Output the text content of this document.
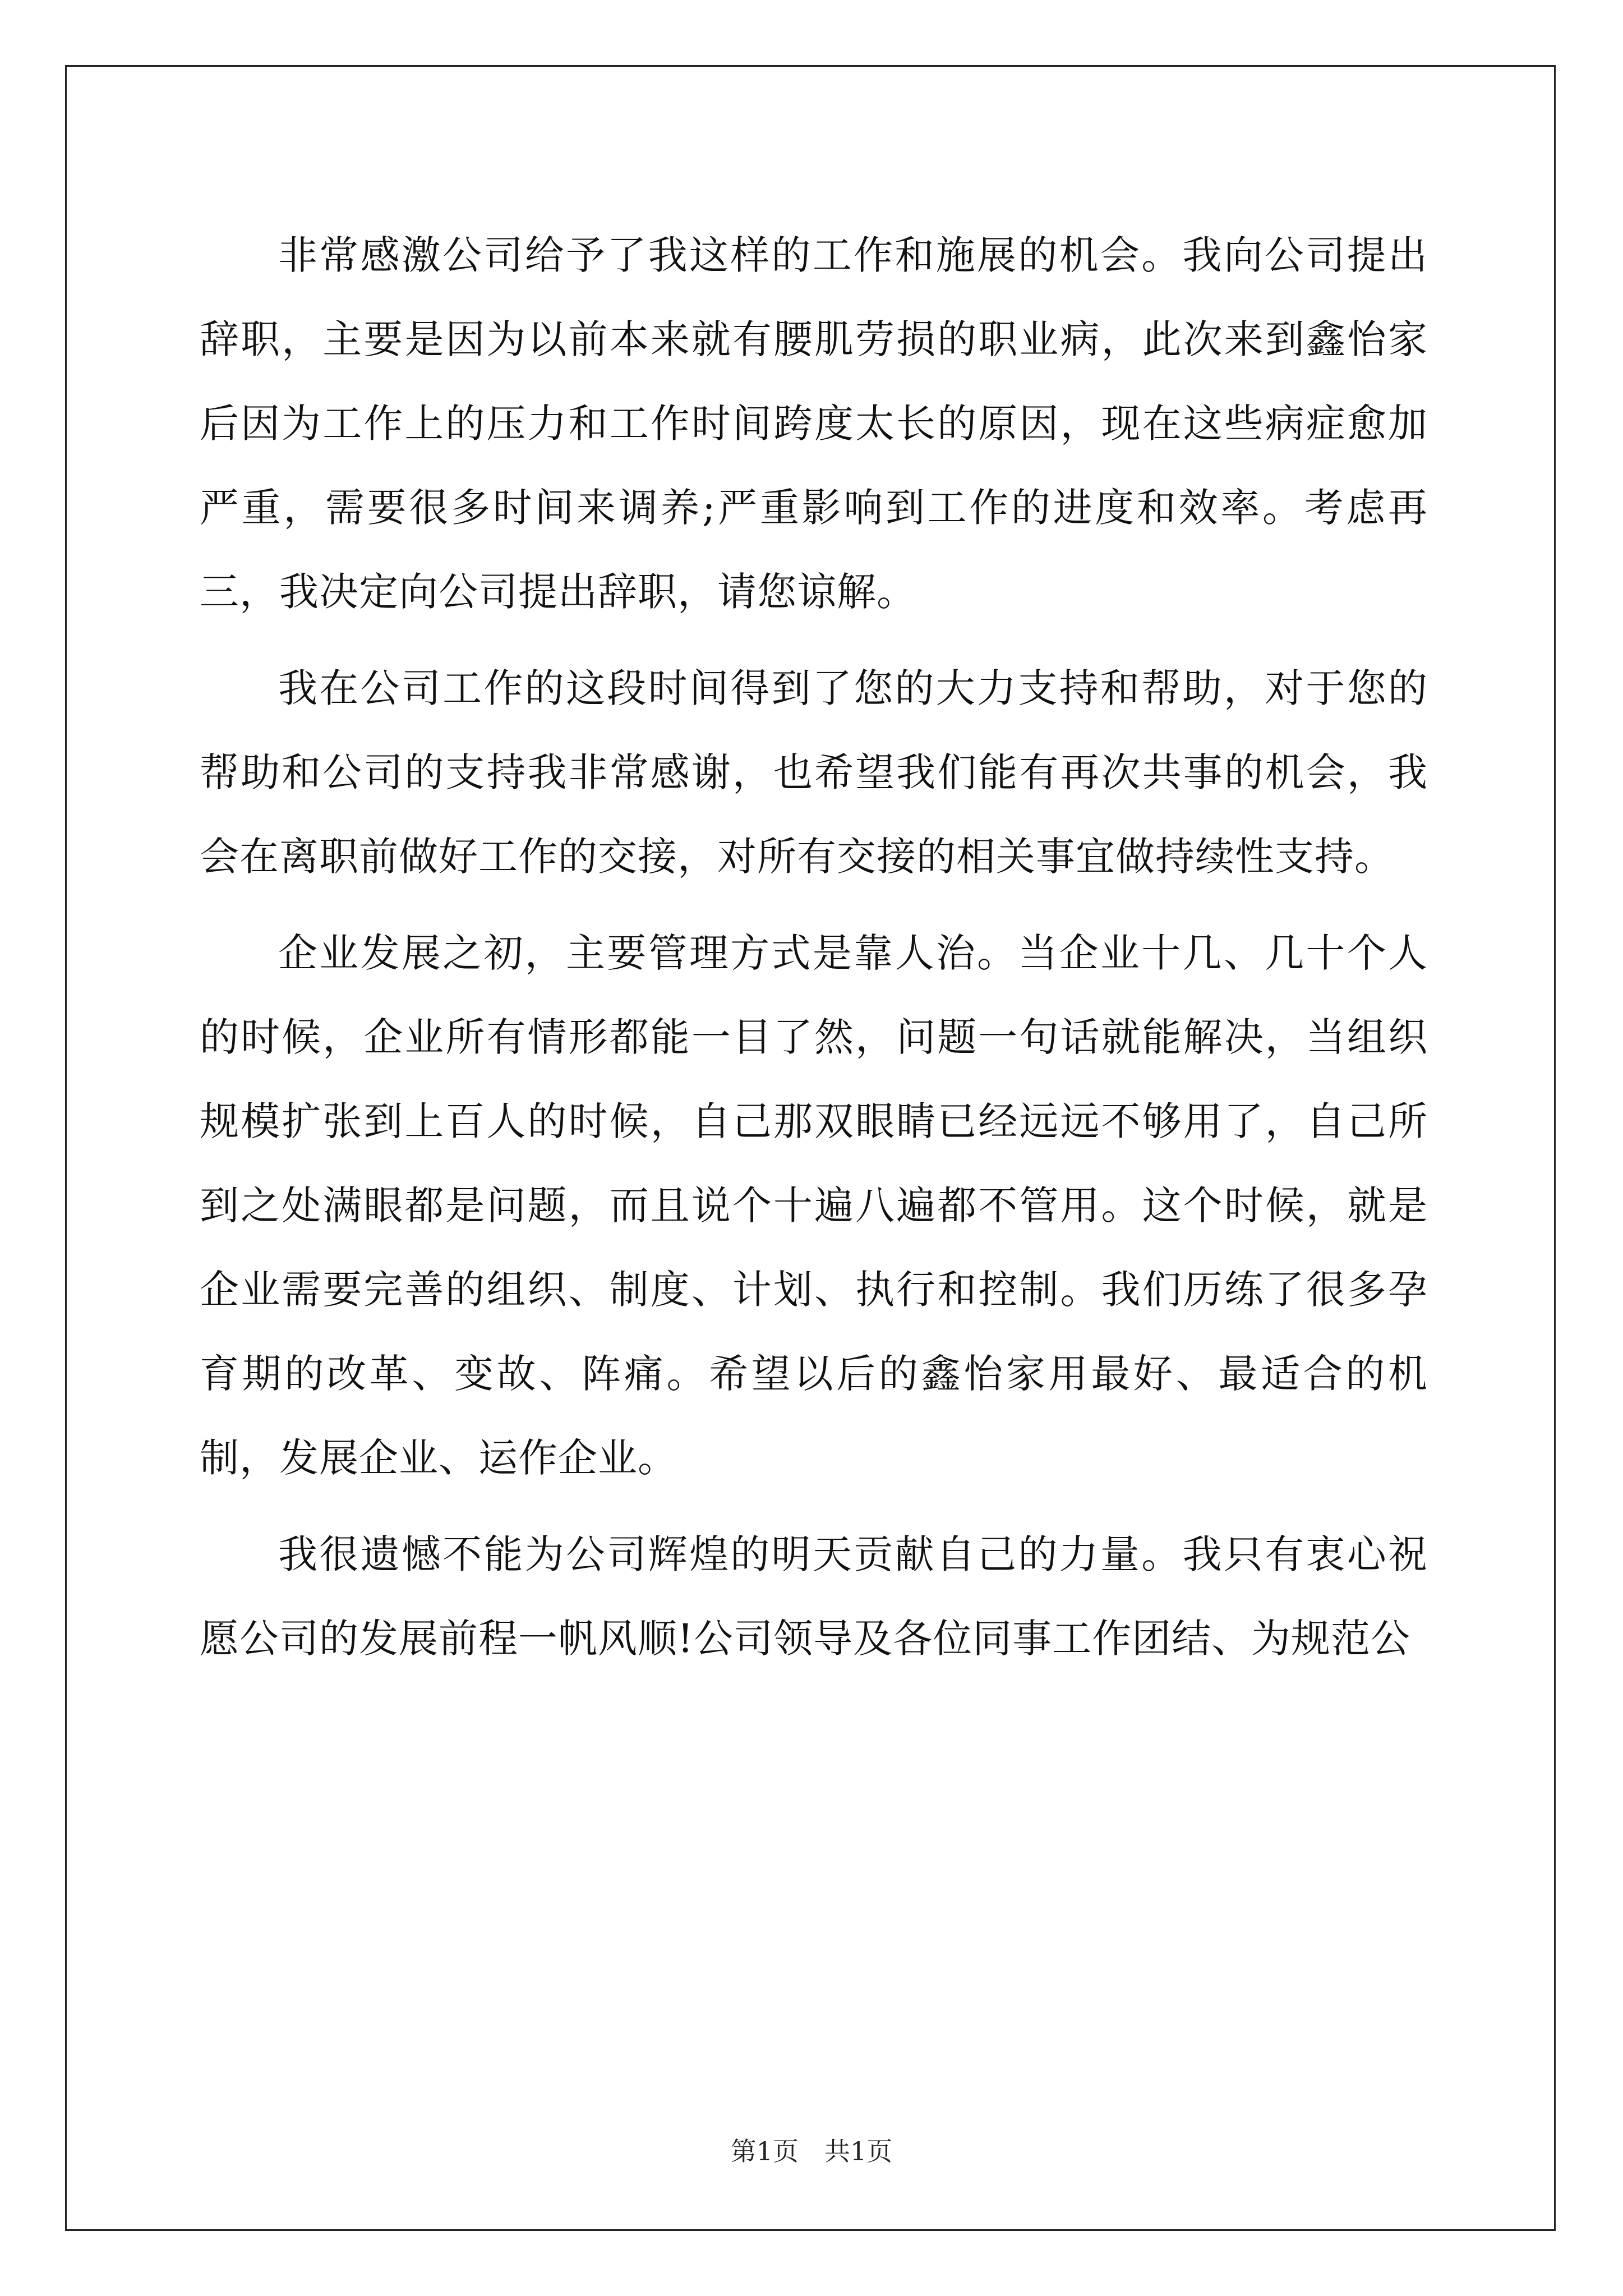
非常感激公司给予了我这样的工作和施展的机会。我向公司提出辞职，主要是因为以前本来就有腰肌劳损的职业病，此次来到鑫怡家后因为工作上的压力和工作时间跨度太长的原因，现在这些病症愈加严重，需要很多时间来调养;严重影响到工作的进度和效率。考虑再三，我决定向公司提出辞职，请您谅解。

我在公司工作的这段时间得到了您的大力支持和帮助，对于您的帮助和公司的支持我非常感谢，也希望我们能有再次共事的机会，我会在离职前做好工作的交接，对所有交接的相关事宜做持续性支持。

企业发展之初，主要管理方式是靠人治。当企业十几、几十个人的时候，企业所有情形都能一目了然，问题一句话就能解决，当组织规模扩张到上百人的时候，自己那双眼睛已经远远不够用了，自己所到之处满眼都是问题，而且说个十遍八遍都不管用。这个时候，就是企业需要完善的组织、制度、计划、执行和控制。我们历练了很多孕育期的改革、变故、阵痛。希望以后的鑫怡家用最好、最适合的机制，发展企业、运作企业。

我很遗憾不能为公司辉煌的明天贡献自己的力量。我只有衷心祝愿公司的发展前程一帆风顺!公司领导及各位同事工作团结、为规范公

第1页　共1页
